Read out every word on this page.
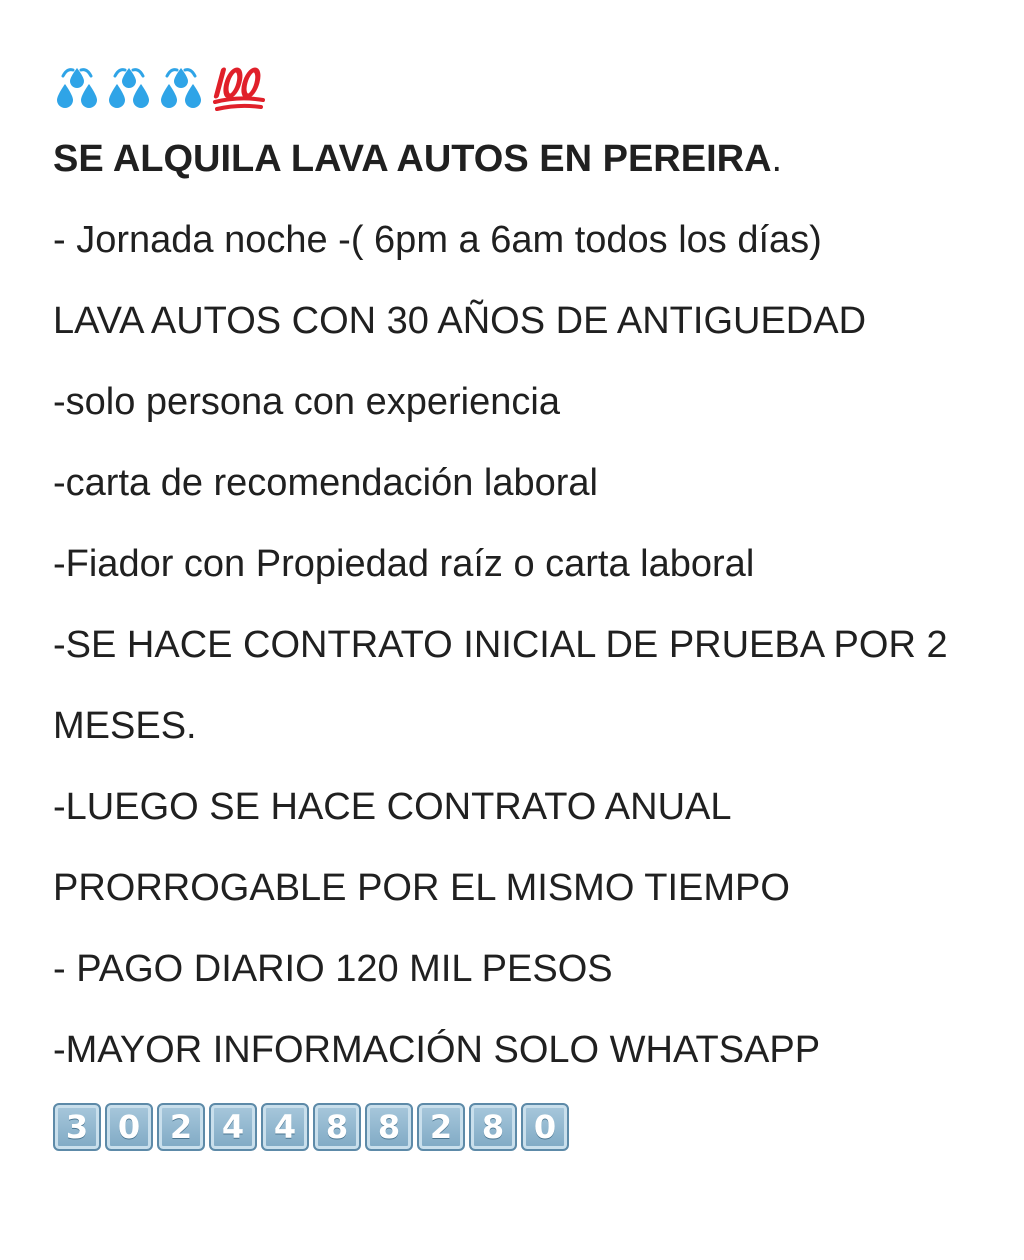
SE ALQUILA LAVA AUTOS EN PEREIRA.
- Jornada noche -( 6pm a 6am todos los días)
LAVA AUTOS CON 30 AÑOS DE ANTIGUEDAD
-solo persona con experiencia
-carta de recomendación laboral
-Fiador con Propiedad raíz o carta laboral
-SE HACE CONTRATO INICIAL DE PRUEBA POR 2
MESES.
-LUEGO SE HACE CONTRATO ANUAL
PRORROGABLE POR EL MISMO TIEMPO
- PAGO DIARIO 120 MIL PESOS
-MAYOR INFORMACIÓN SOLO WHATSAPP
3 0 2 4 4 8 8 2 8 0
